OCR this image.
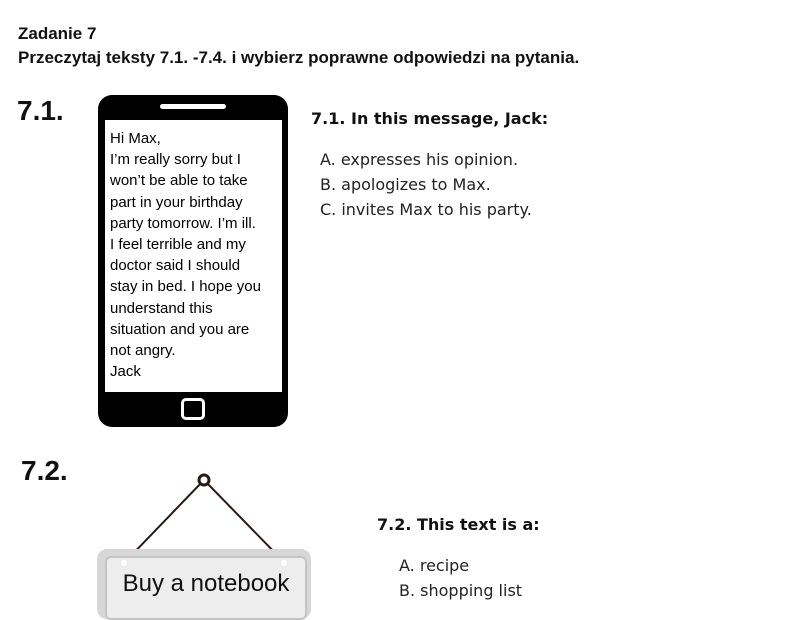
Zadanie 7
Przeczytaj teksty 7.1. -7.4. i wybierz poprawne odpowiedzi na pytania.
7.1.
Hi Max,
I’m really sorry but I
won’t be able to take
part in your birthday
party tomorrow. I’m ill.
I feel terrible and my
doctor said I should
stay in bed. I hope you
understand this
situation and you are
not angry.
Jack
7.1. In this message, Jack:
A. expresses his opinion.
B. apologizes to Max.
C. invites Max to his party.
7.2.
Buy a notebook
7.2. This text is a:
A. recipe
B. shopping list
